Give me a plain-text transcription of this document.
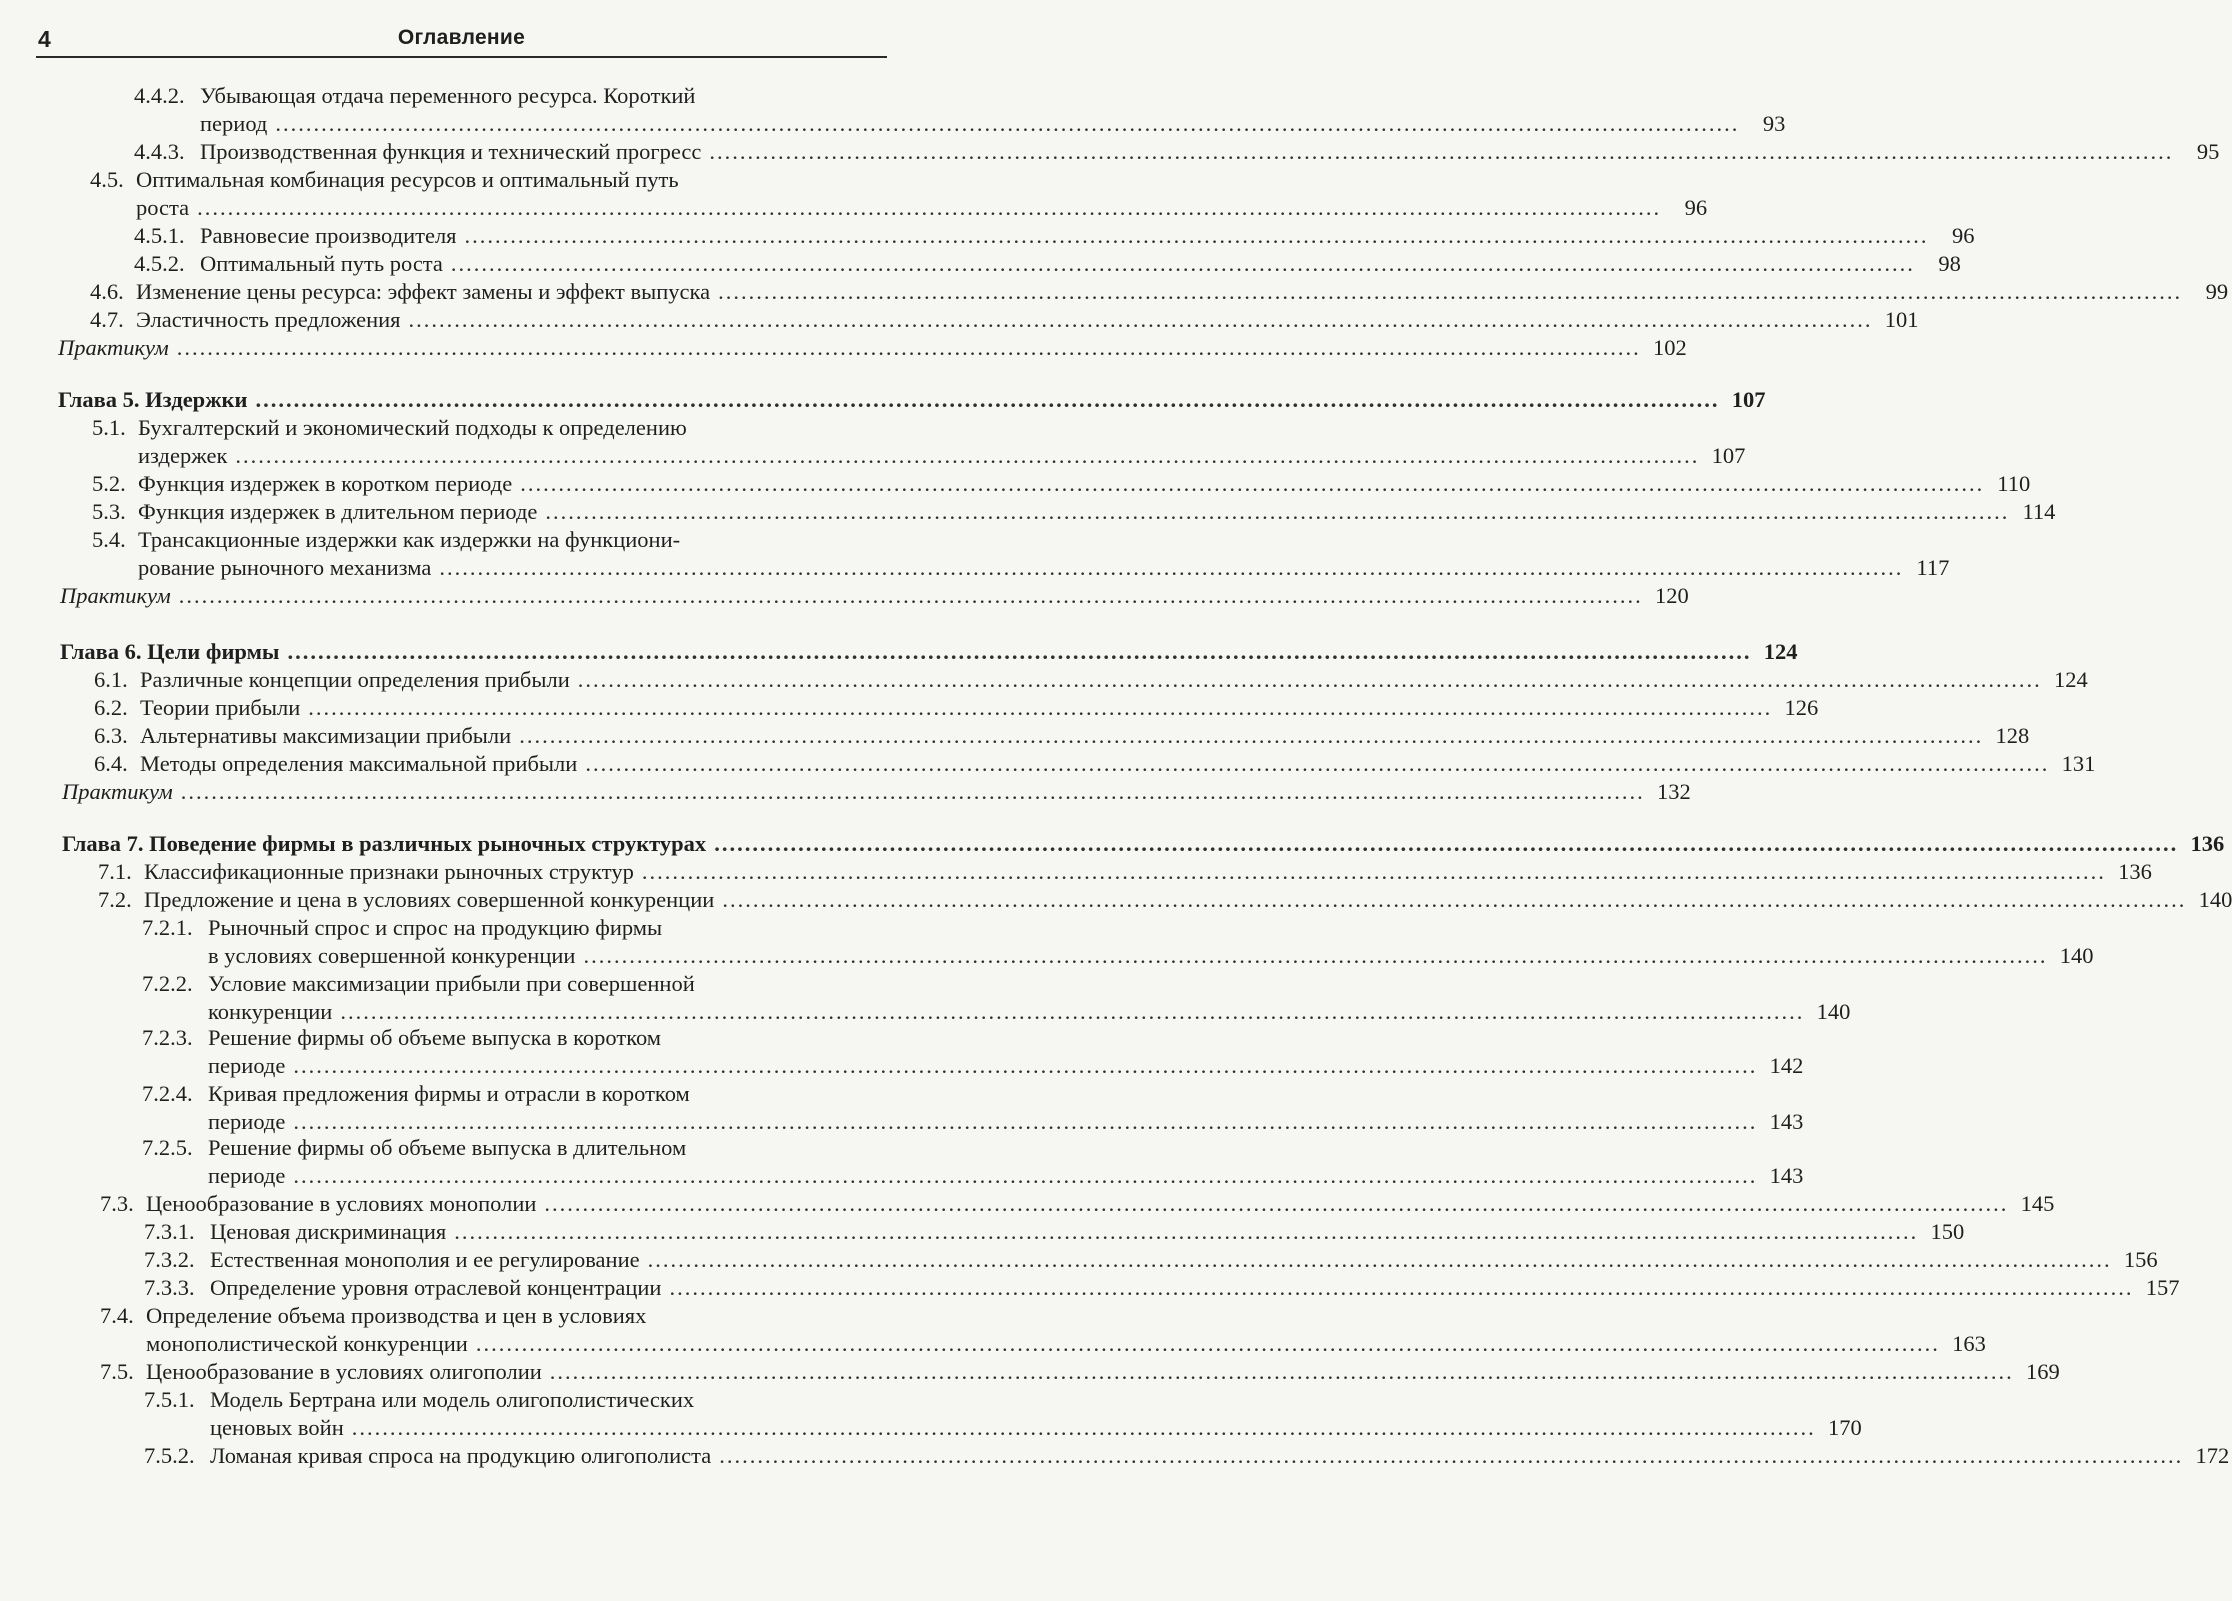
4	Оглавление
4.4.2. Убывающая отдача переменного ресурса. Короткий
период .....	93
4.4.3. Производственная функция и технический прогресс .....	95
4.5. Оптимальная комбинация ресурсов и оптимальный путь
роста .....	96
4.5.1. Равновесие производителя .....	96
4.5.2. Оптимальный путь роста .....	98
4.6. Изменение цены ресурса: эффект замены и эффект выпуска .....	99
4.7. Эластичность предложения .....	101
Практикум .....	102
Глава 5. Издержки .....	107
5.1. Бухгалтерский и экономический подходы к определению
издержек .....	107
5.2. Функция издержек в коротком периоде .....	110
5.3. Функция издержек в длительном периоде .....	114
5.4. Трансакционные издержки как издержки на функциони-
рование рыночного механизма .....	117
Практикум .....	120
Глава 6. Цели фирмы .....	124
6.1. Различные концепции определения прибыли .....	124
6.2. Теории прибыли .....	126
6.3. Альтернативы максимизации прибыли .....	128
6.4. Методы определения максимальной прибыли .....	131
Практикум .....	132
Глава 7. Поведение фирмы в различных рыночных структурах .....	136
7.1. Классификационные признаки рыночных структур .....	136
7.2. Предложение и цена в условиях совершенной конкуренции .....	140
7.2.1. Рыночный спрос и спрос на продукцию фирмы
в условиях совершенной конкуренции .....	140
7.2.2. Условие максимизации прибыли при совершенной
конкуренции .....	140
7.2.3. Решение фирмы об объеме выпуска в коротком
периоде .....	142
7.2.4. Кривая предложения фирмы и отрасли в коротком
периоде .....	143
7.2.5. Решение фирмы об объеме выпуска в длительном
периоде .....	143
7.3. Ценообразование в условиях монополии .....	145
7.3.1. Ценовая дискриминация .....	150
7.3.2. Естественная монополия и ее регулирование .....	156
7.3.3. Определение уровня отраслевой концентрации .....	157
7.4. Определение объема производства и цен в условиях
монополистической конкуренции .....	163
7.5. Ценообразование в условиях олигополии .....	169
7.5.1. Модель Бертрана или модель олигополистических
ценовых войн .....	170
7.5.2. Ломаная кривая спроса на продукцию олигополиста .....	172
